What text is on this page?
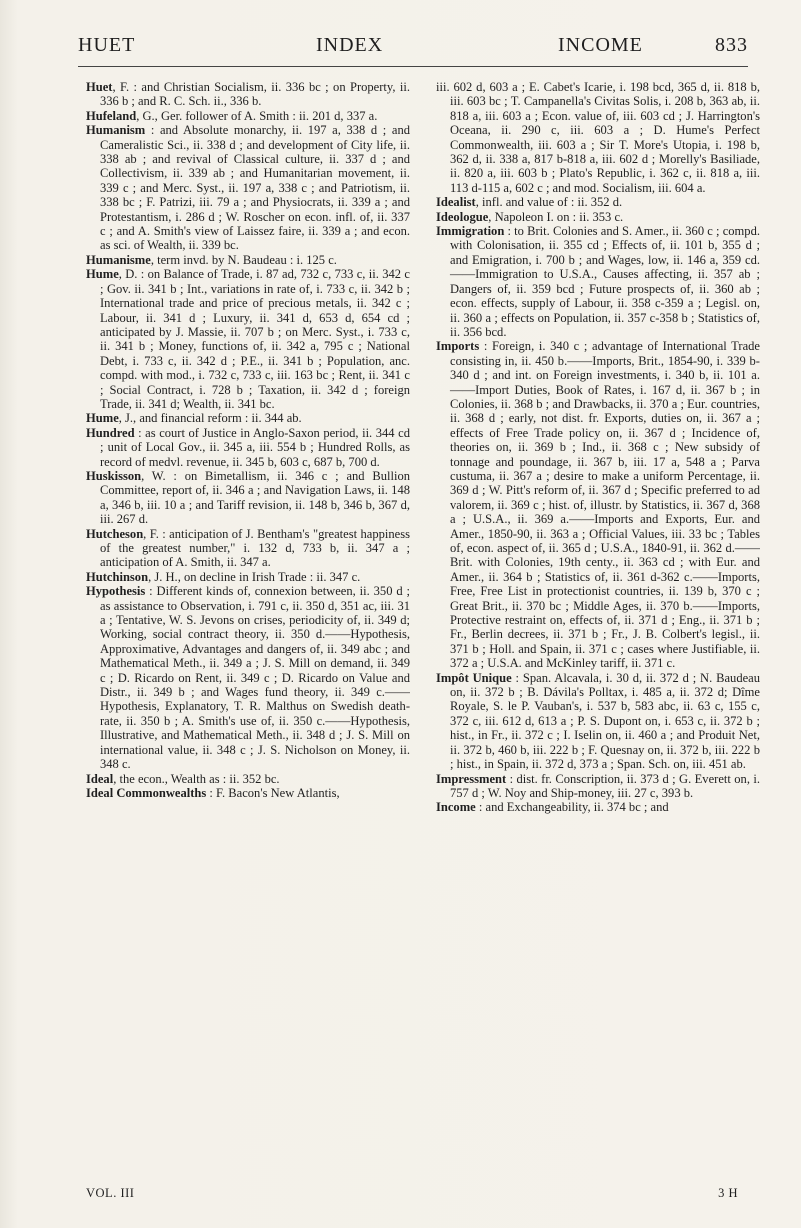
HUET	INDEX	INCOME	833

Huet, F. : and Christian Socialism, ii. 336 bc ; on Property, ii. 336 b ; and R. C. Sch. ii., 336 b.

Hufeland, G., Ger. follower of A. Smith : ii. 201 d, 337 a.

Humanism : and Absolute monarchy, ii. 197 a, 338 d ; and Cameralistic Sci., ii. 338 d ; and development of City life, ii. 338 ab ; and revival of Classical culture, ii. 337 d ; and Collectivism, ii. 339 ab ; and Humanitarian movement, ii. 339 c ; and Merc. Syst., ii. 197 a, 338 c ; and Patriotism, ii. 338 bc ; F. Patrizi, iii. 79 a ; and Physiocrats, ii. 339 a ; and Protestantism, i. 286 d ; W. Roscher on econ. infl. of, ii. 337 c ; and A. Smith's view of Laissez faire, ii. 339 a ; and econ. as sci. of Wealth, ii. 339 bc.

Humanisme, term invd. by N. Baudeau : i. 125 c.

Hume, D. : on Balance of Trade, i. 87 ad, 732 c, 733 c, ii. 342 c ; Gov. ii. 341 b ; Int., variations in rate of, i. 733 c, ii. 342 b ; International trade and price of precious metals, ii. 342 c ; Labour, ii. 341 d ; Luxury, ii. 341 d, 653 d, 654 cd ; anticipated by J. Massie, ii. 707 b ; on Merc. Syst., i. 733 c, ii. 341 b ; Money, functions of, ii. 342 a, 795 c ; National Debt, i. 733 c, ii. 342 d ; P.E., ii. 341 b ; Population, anc. compd. with mod., i. 732 c, 733 c, iii. 163 bc ; Rent, ii. 341 c ; Social Contract, i. 728 b ; Taxation, ii. 342 d ; foreign Trade, ii. 341 d; Wealth, ii. 341 bc.

Hume, J., and financial reform : ii. 344 ab.

Hundred : as court of Justice in Anglo-Saxon period, ii. 344 cd ; unit of Local Gov., ii. 345 a, iii. 554 b ; Hundred Rolls, as record of medvl. revenue, ii. 345 b, 603 c, 687 b, 700 d.

Huskisson, W. : on Bimetallism, ii. 346 c ; and Bullion Committee, report of, ii. 346 a ; and Navigation Laws, ii. 148 a, 346 b, iii. 10 a ; and Tariff revision, ii. 148 b, 346 b, 367 d, iii. 267 d.

Hutcheson, F. : anticipation of J. Bentham's "greatest happiness of the greatest number," i. 132 d, 733 b, ii. 347 a ; anticipation of A. Smith, ii. 347 a.

Hutchinson, J. H., on decline in Irish Trade : ii. 347 c.

Hypothesis : Different kinds of, connexion between, ii. 350 d ; as assistance to Observation, i. 791 c, ii. 350 d, 351 ac, iii. 31 a ; Tentative, W. S. Jevons on crises, periodicity of, ii. 349 d; Working, social contract theory, ii. 350 d.——Hypothesis, Approximative, Advantages and dangers of, ii. 349 abc ; and Mathematical Meth., ii. 349 a ; J. S. Mill on demand, ii. 349 c ; D. Ricardo on Rent, ii. 349 c ; D. Ricardo on Value and Distr., ii. 349 b ; and Wages fund theory, ii. 349 c.——Hypothesis, Explanatory, T. R. Malthus on Swedish death-rate, ii. 350 b ; A. Smith's use of, ii. 350 c.——Hypothesis, Illustrative, and Mathematical Meth., ii. 348 d ; J. S. Mill on international value, ii. 348 c ; J. S. Nicholson on Money, ii. 348 c.

Ideal, the econ., Wealth as : ii. 352 bc.

Ideal Commonwealths : F. Bacon's New Atlantis,

iii. 602 d, 603 a ; E. Cabet's Icarie, i. 198 bcd, 365 d, ii. 818 b, iii. 603 bc ; T. Campanella's Civitas Solis, i. 208 b, 363 ab, ii. 818 a, iii. 603 a ; Econ. value of, iii. 603 cd ; J. Harrington's Oceana, ii. 290 c, iii. 603 a ; D. Hume's Perfect Commonwealth, iii. 603 a ; Sir T. More's Utopia, i. 198 b, 362 d, ii. 338 a, 817 b-818 a, iii. 602 d ; Morelly's Basiliade, ii. 820 a, iii. 603 b ; Plato's Republic, i. 362 c, ii. 818 a, iii. 113 d-115 a, 602 c ; and mod. Socialism, iii. 604 a.

Idealist, infl. and value of : ii. 352 d.

Ideologue, Napoleon I. on : ii. 353 c.

Immigration : to Brit. Colonies and S. Amer., ii. 360 c ; compd. with Colonisation, ii. 355 cd ; Effects of, ii. 101 b, 355 d ; and Emigration, i. 700 b ; and Wages, low, ii. 146 a, 359 cd.——Immigration to U.S.A., Causes affecting, ii. 357 ab ; Dangers of, ii. 359 bcd ; Future prospects of, ii. 360 ab ; econ. effects, supply of Labour, ii. 358 c-359 a ; Legisl. on, ii. 360 a ; effects on Population, ii. 357 c-358 b ; Statistics of, ii. 356 bcd.

Imports : Foreign, i. 340 c ; advantage of International Trade consisting in, ii. 450 b.——Imports, Brit., 1854-90, i. 339 b-340 d ; and int. on Foreign investments, i. 340 b, ii. 101 a.——Import Duties, Book of Rates, i. 167 d, ii. 367 b ; in Colonies, ii. 368 b ; and Drawbacks, ii. 370 a ; Eur. countries, ii. 368 d ; early, not dist. fr. Exports, duties on, ii. 367 a ; effects of Free Trade policy on, ii. 367 d ; Incidence of, theories on, ii. 369 b ; Ind., ii. 368 c ; New subsidy of tonnage and poundage, ii. 367 b, iii. 17 a, 548 a ; Parva custuma, ii. 367 a ; desire to make a uniform Percentage, ii. 369 d ; W. Pitt's reform of, ii. 367 d ; Specific preferred to ad valorem, ii. 369 c ; hist. of, illustr. by Statistics, ii. 367 d, 368 a ; U.S.A., ii. 369 a.——Imports and Exports, Eur. and Amer., 1850-90, ii. 363 a ; Official Values, iii. 33 bc ; Tables of, econ. aspect of, ii. 365 d ; U.S.A., 1840-91, ii. 362 d.——Brit. with Colonies, 19th centy., ii. 363 cd ; with Eur. and Amer., ii. 364 b ; Statistics of, ii. 361 d-362 c.——Imports, Free, Free List in protectionist countries, ii. 139 b, 370 c ; Great Brit., ii. 370 bc ; Middle Ages, ii. 370 b.——Imports, Protective restraint on, effects of, ii. 371 d ; Eng., ii. 371 b ; Fr., Berlin decrees, ii. 371 b ; Fr., J. B. Colbert's legisl., ii. 371 b ; Holl. and Spain, ii. 371 c ; cases where Justifiable, ii. 372 a ; U.S.A. and McKinley tariff, ii. 371 c.

Impôt Unique : Span. Alcavala, i. 30 d, ii. 372 d ; N. Baudeau on, ii. 372 b ; B. Dávila's Polltax, i. 485 a, ii. 372 d; Dîme Royale, S. le P. Vauban's, i. 537 b, 583 abc, ii. 63 c, 155 c, 372 c, iii. 612 d, 613 a ; P. S. Dupont on, i. 653 c, ii. 372 b ; hist., in Fr., ii. 372 c ; I. Iselin on, ii. 460 a ; and Produit Net, ii. 372 b, 460 b, iii. 222 b ; F. Quesnay on, ii. 372 b, iii. 222 b ; hist., in Spain, ii. 372 d, 373 a ; Span. Sch. on, iii. 451 ab.

Impressment : dist. fr. Conscription, ii. 373 d ; G. Everett on, i. 757 d ; W. Noy and Ship-money, iii. 27 c, 393 b.

Income : and Exchangeability, ii. 374 bc ; and

VOL. III	3 H
